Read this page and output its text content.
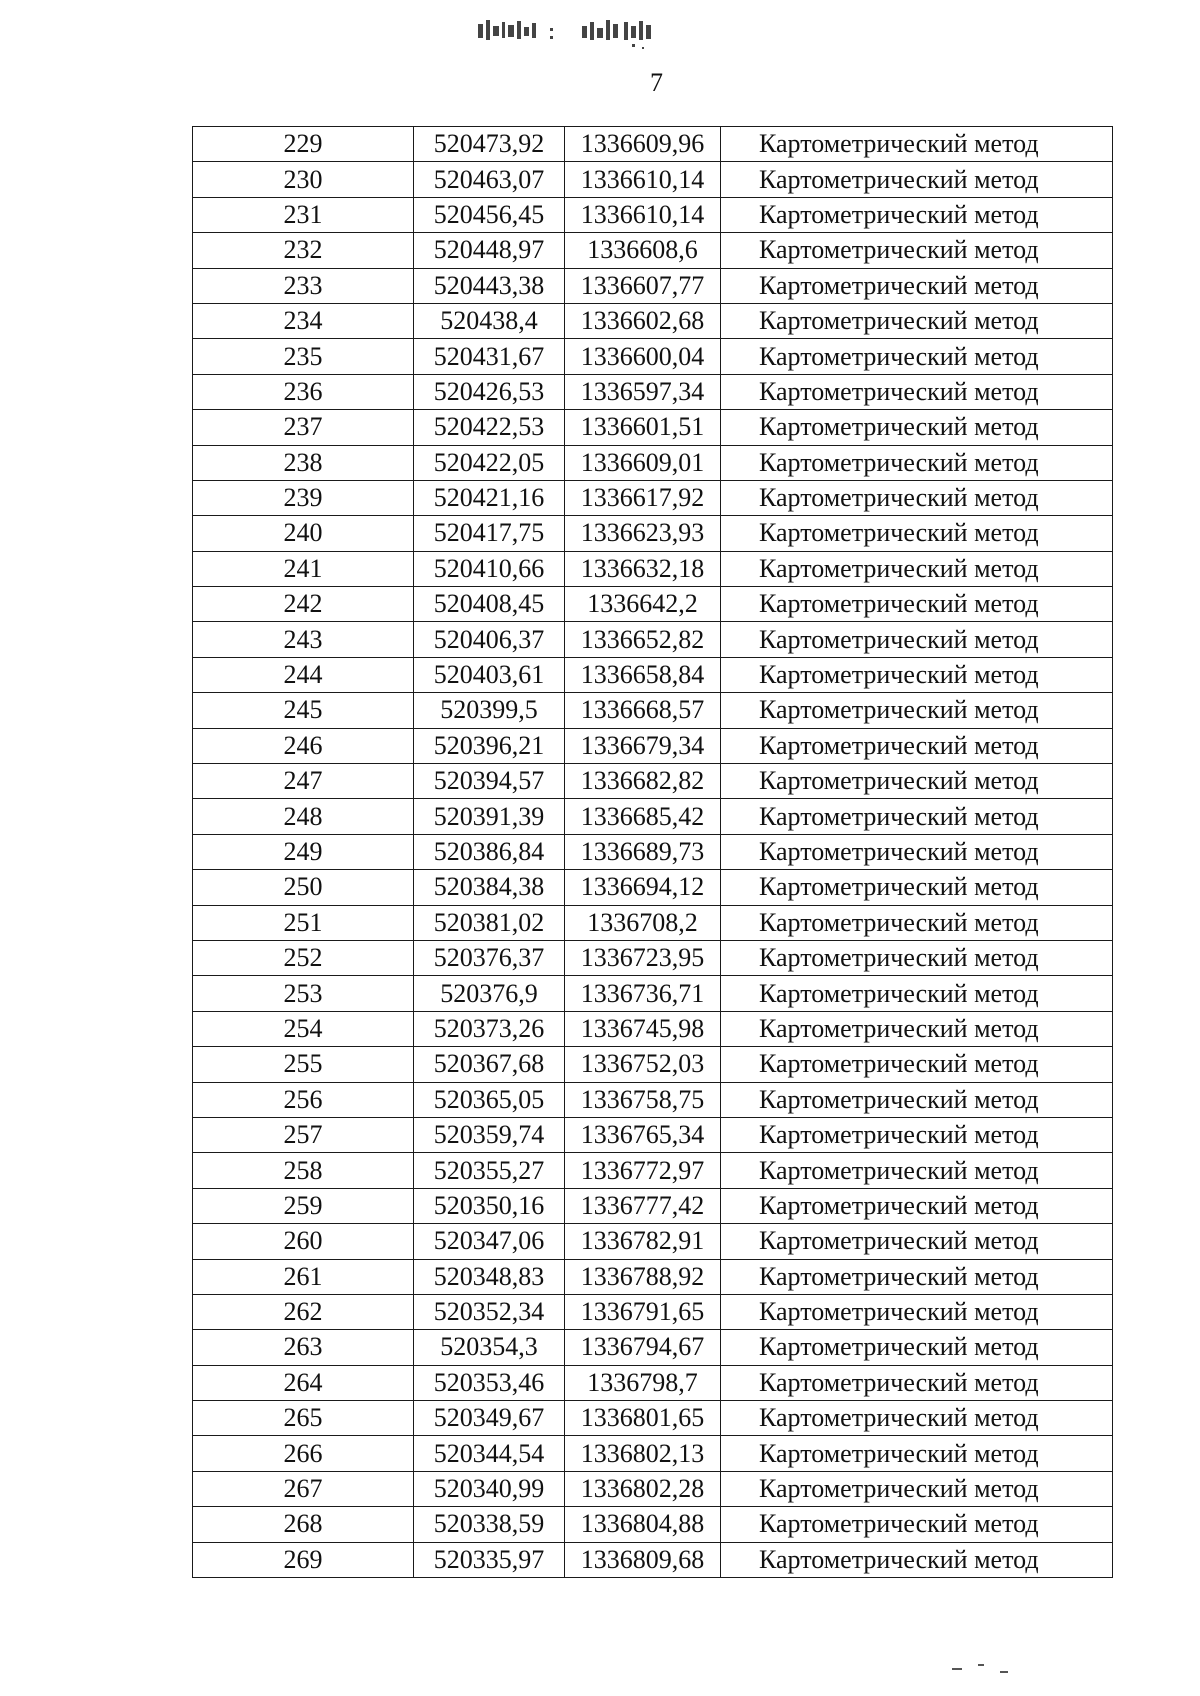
7
229	520473,92	1336609,96	Картометрический метод
230	520463,07	1336610,14	Картометрический метод
231	520456,45	1336610,14	Картометрический метод
232	520448,97	1336608,6	Картометрический метод
233	520443,38	1336607,77	Картометрический метод
234	520438,4	1336602,68	Картометрический метод
235	520431,67	1336600,04	Картометрический метод
236	520426,53	1336597,34	Картометрический метод
237	520422,53	1336601,51	Картометрический метод
238	520422,05	1336609,01	Картометрический метод
239	520421,16	1336617,92	Картометрический метод
240	520417,75	1336623,93	Картометрический метод
241	520410,66	1336632,18	Картометрический метод
242	520408,45	1336642,2	Картометрический метод
243	520406,37	1336652,82	Картометрический метод
244	520403,61	1336658,84	Картометрический метод
245	520399,5	1336668,57	Картометрический метод
246	520396,21	1336679,34	Картометрический метод
247	520394,57	1336682,82	Картометрический метод
248	520391,39	1336685,42	Картометрический метод
249	520386,84	1336689,73	Картометрический метод
250	520384,38	1336694,12	Картометрический метод
251	520381,02	1336708,2	Картометрический метод
252	520376,37	1336723,95	Картометрический метод
253	520376,9	1336736,71	Картометрический метод
254	520373,26	1336745,98	Картометрический метод
255	520367,68	1336752,03	Картометрический метод
256	520365,05	1336758,75	Картометрический метод
257	520359,74	1336765,34	Картометрический метод
258	520355,27	1336772,97	Картометрический метод
259	520350,16	1336777,42	Картометрический метод
260	520347,06	1336782,91	Картометрический метод
261	520348,83	1336788,92	Картометрический метод
262	520352,34	1336791,65	Картометрический метод
263	520354,3	1336794,67	Картометрический метод
264	520353,46	1336798,7	Картометрический метод
265	520349,67	1336801,65	Картометрический метод
266	520344,54	1336802,13	Картометрический метод
267	520340,99	1336802,28	Картометрический метод
268	520338,59	1336804,88	Картометрический метод
269	520335,97	1336809,68	Картометрический метод
